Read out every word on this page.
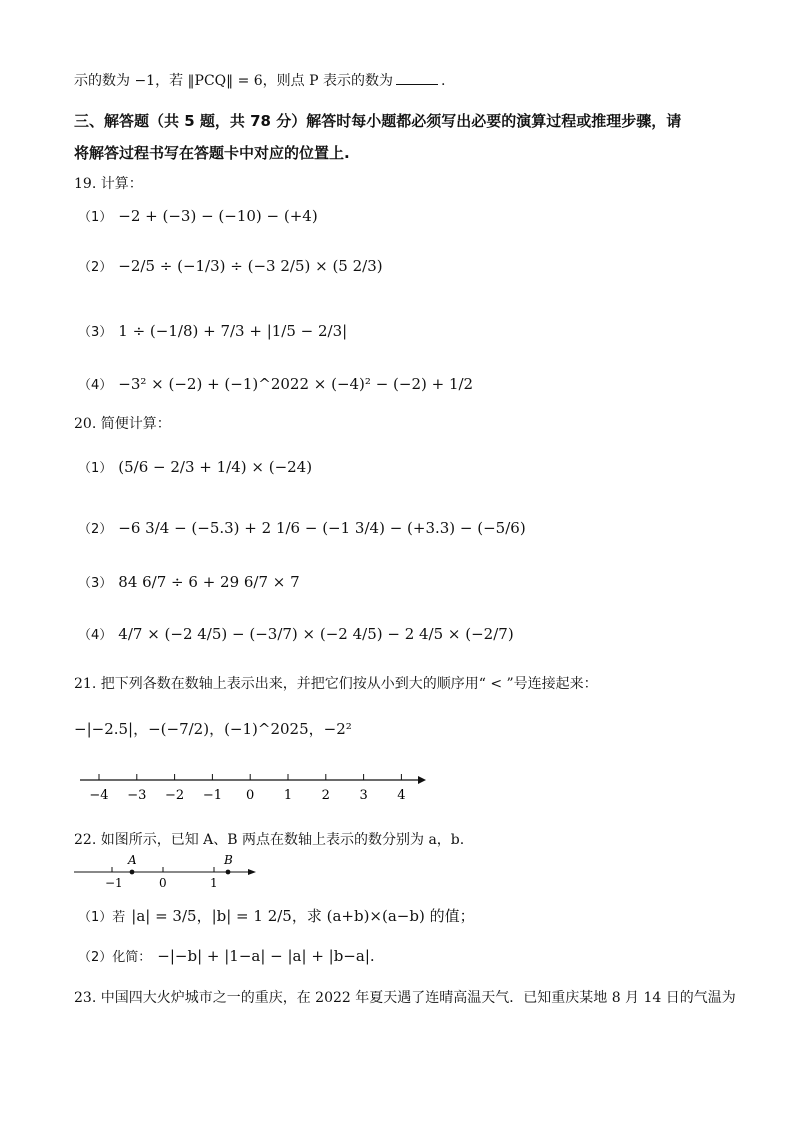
示的数为 −1，若 ‖PCQ‖ = 6，则点 P 表示的数为	.
三、解答题（共 5 题，共 78 分）解答时每小题都必须写出必要的演算过程或推理步骤，请
将解答过程书写在答题卡中对应的位置上.
19. 计算：
（1） −2 + (−3) − (−10) − (+4)
（2） −2/5 ÷ (−1/3) ÷ (−3 2/5) × (5 2/3)
（3） 1 ÷ (−1/8) + 7/3 + |1/5 − 2/3|
（4） −3² × (−2) + (−1)^2022 × (−4)² − (−2) + 1/2
20. 简便计算：
（1） (5/6 − 2/3 + 1/4) × (−24)
（2） −6 3/4 − (−5.3) + 2 1/6 − (−1 3/4) − (+3.3) − (−5/6)
（3） 84 6/7 ÷ 6 + 29 6/7 × 7
（4） 4/7 × (−2 4/5) − (−3/7) × (−2 4/5) − 2 4/5 × (−2/7)
21. 把下列各数在数轴上表示出来，并把它们按从小到大的顺序用“ < ”号连接起来：
−|−2.5|，−(−7/2)，(−1)^2025，−2²
−4 −3 −2 −1 0 1 2 3 4
22. 如图所示，已知 A、B 两点在数轴上表示的数分别为 a，b.
A	B
−1	0	1
（1）若 |a| = 3/5，|b| = 1 2/5，求 (a+b)×(a−b) 的值；
（2）化简： −|−b| + |1−a| − |a| + |b−a|.
23. 中国四大火炉城市之一的重庆，在 2022 年夏天遇了连晴高温天气．已知重庆某地 8 月 14 日的气温为
